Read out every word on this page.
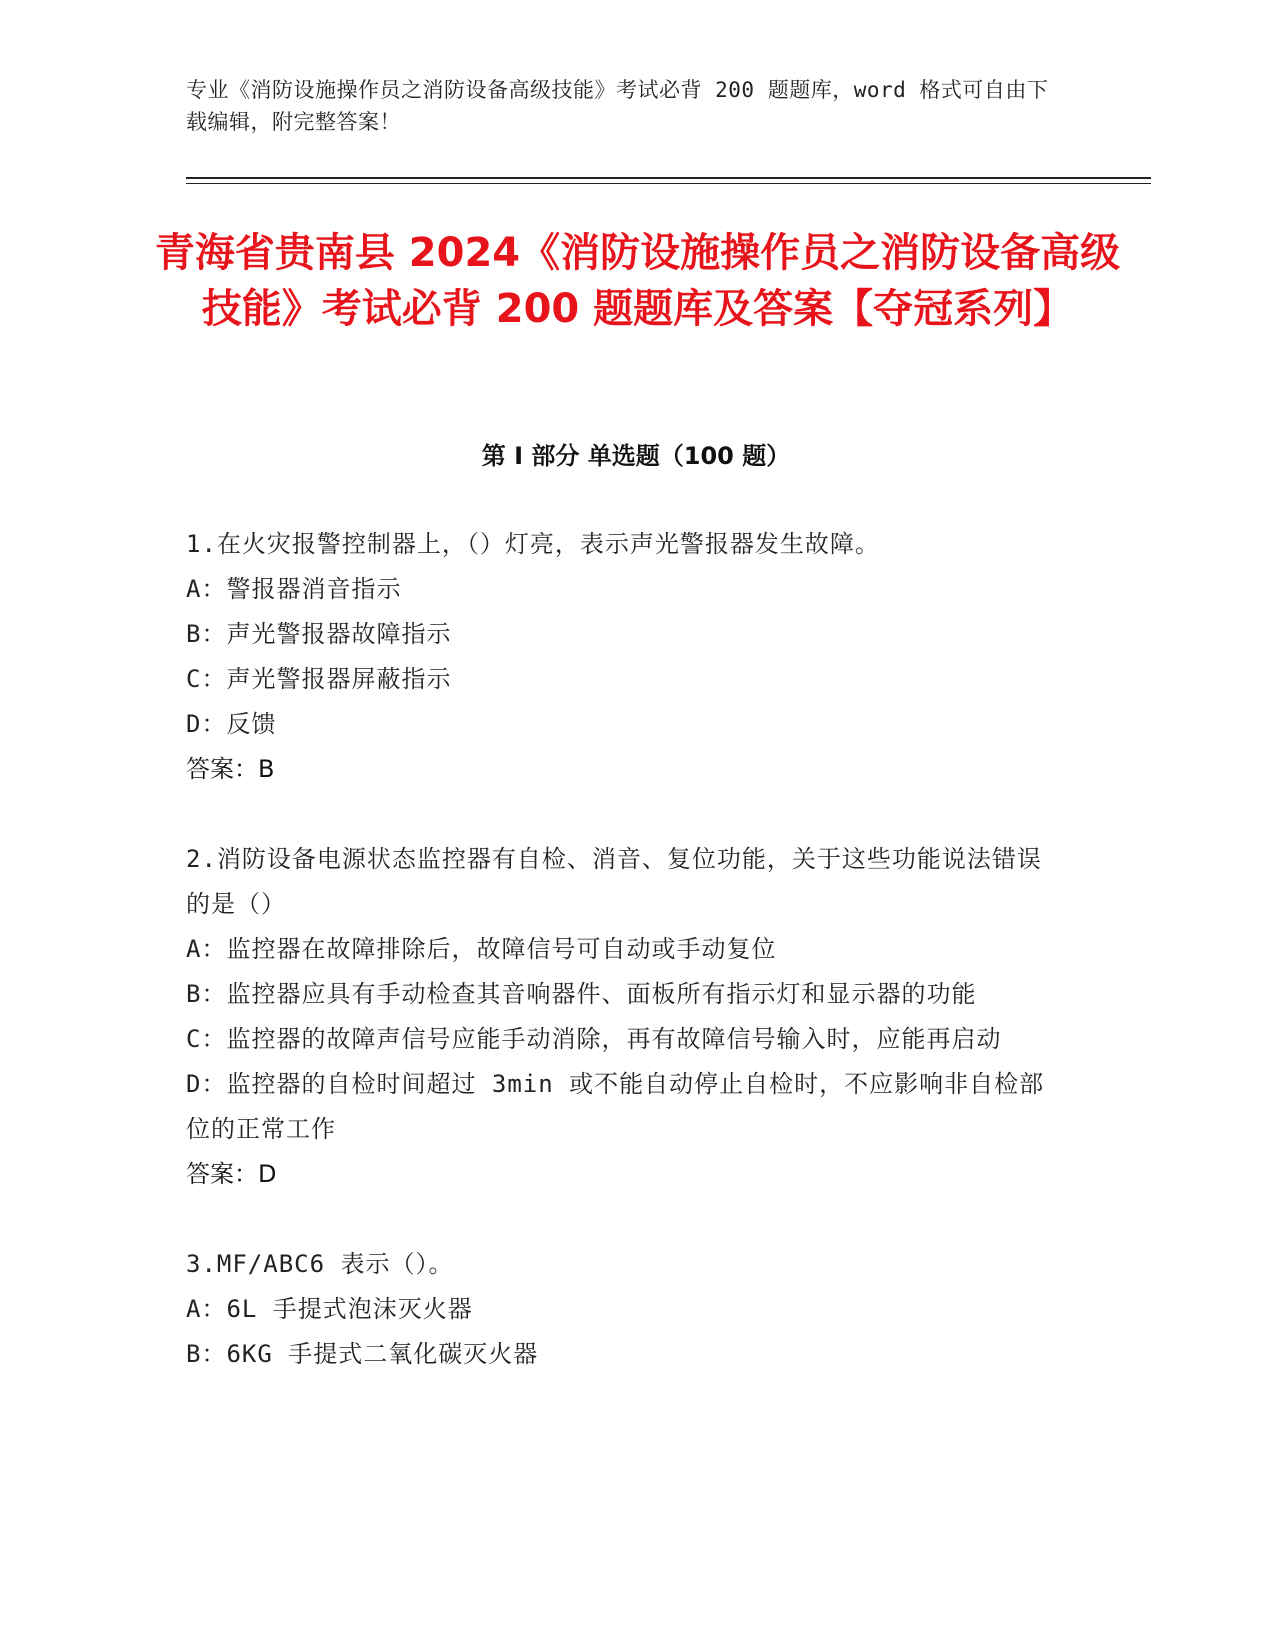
专业《消防设施操作员之消防设备高级技能》考试必背 200 题题库，word 格式可自由下载编辑，附完整答案！
青海省贵南县 2024《消防设施操作员之消防设备高级技能》考试必背 200 题题库及答案【夺冠系列】
第 I 部分 单选题（100 题）

1.在火灾报警控制器上，（）灯亮，表示声光警报器发生故障。

A：警报器消音指示

B：声光警报器故障指示

C：声光警报器屏蔽指示

D：反馈

答案：B

2.消防设备电源状态监控器有自检、消音、复位功能，关于这些功能说法错误的是（）

A：监控器在故障排除后，故障信号可自动或手动复位

B：监控器应具有手动检查其音响器件、面板所有指示灯和显示器的功能

C：监控器的故障声信号应能手动消除，再有故障信号输入时，应能再启动

D：监控器的自检时间超过 3min 或不能自动停止自检时，不应影响非自检部位的正常工作

答案：D

3.MF/ABC6 表示（）。

A：6L 手提式泡沫灭火器

B：6KG 手提式二氧化碳灭火器
